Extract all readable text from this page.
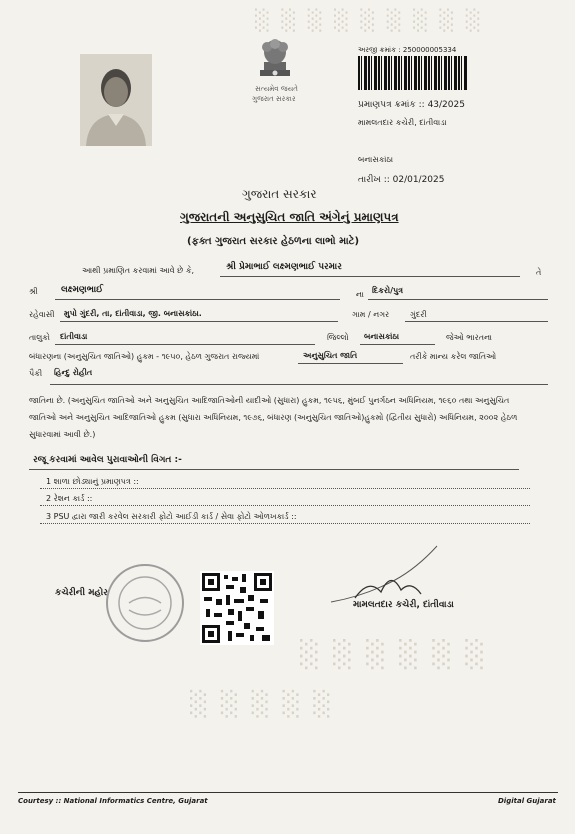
░ ░ ░ ░ ░ ░ ░ ░ ░
░ ░ ░ ░ ░ ░
░ ░ ░ ░ ░
સત્યમેવ જયતે
ગુજરાત સરકાર
અરજી ક્રમાંક : 250000005334
પ્રમાણપત્ર ક્રમાંક :: 43/2025
મામલતદાર કચેરી, દાંતીવાડા
બનાસકાંઠા
તારીખ :: 02/01/2025
ગુજરાત સરકાર
ગુજરાતની અનુસુચિત જાતિ અંગેનું પ્રમાણપત્ર
(ફક્ત ગુજરાત સરકાર હેઠળના લાભો માટે)
આથી પ્રમાણિત કરવામાં આવે છે કે,	શ્રી પ્રેમાભાઈ લક્ષ્મણભાઈ પરમાર
તે
શ્રી	લક્ષ્મણભાઈ	ના દિકરો/પુત્ર
રહેવાસી મુપો ગુંદરી, તા, દાંતીવાડા, જી. બનાસકાંઠા.	ગામ / નગર	ગુંદરી
તાલુકો દાંતીવાડા	જિલ્લો બનાસકાંઠા	જેઓ ભારતના
બંધારણના (અનુસુચિત જાતિઓ) હુકમ - ૧૯૫૦, હેઠળ ગુજરાત રાજ્યમાં	અનુસુચિત જાતિ	તરીકે માન્ય કરેલ જાતિઓ
પૈકી હિન્દુ રોહીત
જાતિના છે. (અનુસુચિત જાતિઓ અને અનુસુચિત આદિજાતિઓની યાદીઓ (સુધારા) હુકમ, ૧૯૫૬, મુંબઈ પુનર્ગઠન અધિનિયમ, ૧૯૬૦ તથા અનુસુચિત જાતિઓ અને અનુસુચિત આદિજાતિઓ હુકમ (સુધારા અધિનિયમ, ૧૯૭૬, બંધારણ (અનુસુચિત જાતિઓ)હુકમો (દ્વિતીય સુધારો) અધિનિયમ, ૨૦૦૨ હેઠળ સુધારવામાં આવી છે.)
રજૂ કરવામાં આવેલ પુરાવાઓની વિગત :-
1 શાળા છોડ્યાનું પ્રમાણપત્ર ::
2 રેશન કાર્ડ ::
3 PSU દ્વારા જારી કરવેલ સરકારી ફોટો આઈડી કાર્ડ / સેવા ફોટો ઓળખકાર્ડ ::
કચેરીની મહોર
મામલતદાર કચેરી, દાંતીવાડા
Courtesy :: National Informatics Centre, Gujarat	Digital Gujarat
